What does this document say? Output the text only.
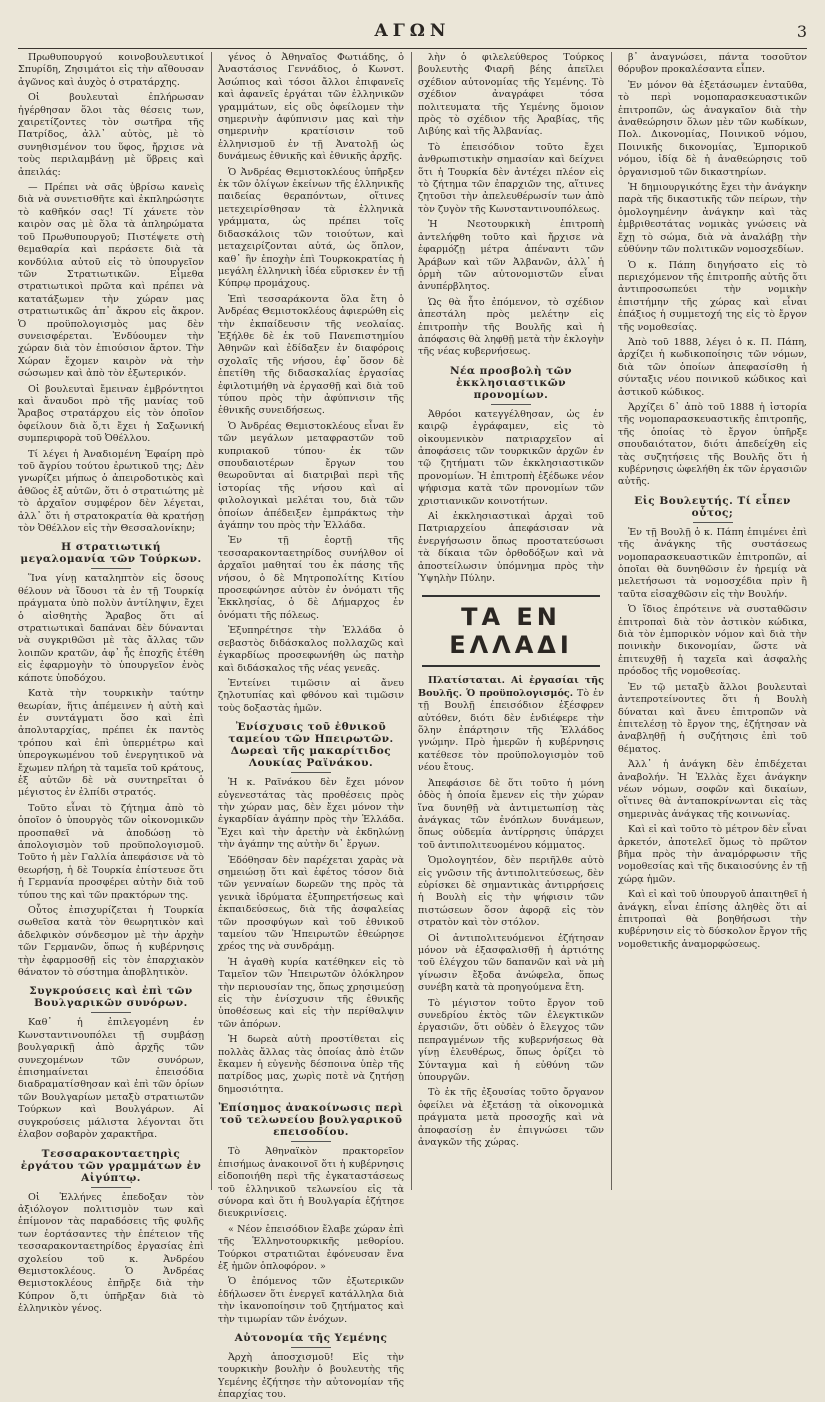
ΑΓΩΝ	3

Πρωθυπουργού κοινοβουλευτικοί Σπυρίδη, Ζησιμάτοι εἰς τὴν αἴθουσαν ἀγῶνος καὶ ἀυχὸς ὁ στρατάρχης.

Οἱ βουλευταὶ ἐπλήρωσαν ἠγέρθησαν ὅλοι τὰς θέσεις των, χαιρετίζοντες τὸν σωτῆρα τῆς Πατρίδος, ἀλλ᾽ αὐτὸς, μὲ τὸ συνηθισμένον του ὕφος, ἤρχισε νὰ τοὺς περιλαμβάνῃ μὲ ὕβρεις καὶ ἀπειλάς:

— Πρέπει νὰ σᾶς ὑβρίσω κανεὶς διὰ νὰ συνετισθῆτε καὶ ἐκπληρώσητε τὸ καθῆκόν σας! Τί χάνετε τὸν καιρὸν σας μὲ ὅλα τὰ ἀπληρώματα τοῦ Πρωθυπουργοῦ; Πιστέψετε στὴ θεμαθαρία καὶ περάσετε διὰ τὰ κονδύλια αὐτοῦ εἰς τὸ ὑπουργεῖον τῶν Στρατιωτικῶν. Εἶμεθα στρατιωτικοὶ πρῶτα καὶ πρέπει νὰ κατατάξωμεν τὴν χώραν μας στρατιωτικῶς ἀπ᾽ ἄκρου εἰς ἄκρον. Ὁ προϋπολογισμὸς μας δὲν συνεισφέρεται. Ἐνδύουμεν τὴν χώραν διὰ τὸν ἐπιούσιον ἄρτον. Τὴν Χώραν ἔχομεν καιρὸν νὰ τὴν σώσωμεν καὶ ἀπὸ τὸν ἐξωτερικόν.

Οἱ βουλευταὶ ἔμειναν ἐμβρόντητοι καὶ ἄναυδοι πρὸ τῆς μανίας τοῦ Ἄραβος στρατάρχου εἰς τὸν ὁποῖον ὀφείλουν διὰ ὅ,τι ἔχει ἡ Σαξωνική συμπεριφορὰ τοῦ Ὀθέλλου.

Τί λέγει ἡ Ἀναδιομένη Ἐφαίρη πρὸ τοῦ ἄγρίου τούτου ἐρωτικοῦ της; Δὲν γνωρίζει μήπως ὁ ἀπειροδοτικὸς καὶ ἀθῶος ἐξ αὐτῶν, ὅτι ὁ στρατιώτης μὲ τὸ ἀρχαῖον συμφέρον δὲν λέγεται, ἀλλ᾽ ὅτι ἡ στρατοκρατία θὰ κρατήσῃ τὸν Ὀθέλλον εἰς τὴν Θεσσαλονίκην;

Η στρατιωτική μεγαλομανία τῶν Τούρκων.

Ἵνα γίνῃ καταληπτὸν εἰς ὅσους θέλουν νὰ ἴδουσι τὰ ἐν τῇ Τουρκίᾳ πράγματα ὑπὸ πολὺν ἀντίληψιν, ἔχει ὁ αἰσθητὴς Ἄραβος ὅτι αἱ στρατιωτικαὶ δαπάναι δὲν δύνανται νὰ συγκριθῶσι μὲ τὰς ἄλλας τῶν λοιπῶν κρατῶν, ἀφ᾽ ἧς ἐποχῆς ἐτέθη εἰς ἐφαρμογὴν τὸ ὑπουργεῖον ἑνὸς κάποτε ὑποδόχου.

Κατὰ τὴν τουρκικὴν ταύτην θεωρίαν, ἥτις ἀπέμεινεν ἡ αὐτὴ καὶ ἐν συντάγματι ὅσο καὶ ἐπὶ ἀπολυταρχίας, πρέπει ἐκ παντὸς τρόπου καὶ ἐπὶ ὑπερμέτρω καὶ ὑπερογκωμένου τοῦ ἐνεργητικοῦ νὰ ἔχωμεν πλήρη τὰ ταμεῖα τοῦ κράτους, ἐξ αὐτῶν δὲ νὰ συντηρεῖται ὁ μέγιστος ἐν ἐλπίδι στρατός.

Τοῦτο εἶναι τὸ ζήτημα ἀπὸ τὸ ὁποῖον ὁ ὑπουργὸς τῶν οἰκονομικῶν προσπαθεῖ νὰ ἀποδώσῃ τὸ ἀπολογισμὸν τοῦ προϋπολογισμοῦ. Τοῦτο ἡ μὲν Γαλλία ἀπεφάσισε νὰ τὸ θεωρήσῃ, ἡ δὲ Τουρκία ἐπίστευσε ὅτι ἡ Γερμανία προσφέρει αὐτὴν διὰ τοῦ τύπου της καὶ τῶν πρακτόρων της.

Οὗτος ἐπισχυρίζεται ἡ Τουρκία σωθεῖσα κατὰ τὸν θεωρητικὸν καὶ ἀδελφικὸν σύνδεσμον μὲ τὴν ἀρχὴν τῶν Γερμανῶν, ὅπως ἡ κυβέρνησις τὴν ἐφαρμοσθῇ εἰς τὸν ἐπαρχιακὸν θάνατον τὸ σύστημα ἀποβλητικὸν.

Συγκρούσεις καὶ ἐπὶ τῶν Βουλγαρικῶν συνόρων.

Καθ᾽ ἡ ἐπιλεγομένη ἐν Κωνσταντινουπόλει τῇ συμβάσῃ βουλγαρικῇ ἀπὸ ἀρχῆς τῶν συνεχομένων τῶν συνόρων, ἐπισημαίνεται ἐπεισόδια διαδραματίσθησαν καὶ ἐπὶ τῶν ὁρίων τῶν Βουλγαρίων μεταξὺ στρατιωτῶν Τούρκων καὶ Βουλγάρων. Αἱ συγκρούσεις μάλιστα λέγονται ὅτι ἐλαβον σοβαρὸν χαρακτῆρα.

Τεσσαρακονταετηρὶς ἐργάτου τῶν γραμμάτων ἐν Αἰγύπτῳ.

Οἱ Ἑλλήνες ἐπεδοξαν τὸν ἀξιόλογον πολιτισμὸν των καὶ ἐπίμονον τὰς παραδόσεις τῆς φυλῆς των ἐορτάσαντες τὴν ἐπέτειον τῆς τεσσαρακονταετηρίδος ἐργασίας ἐπὶ σχολείου τοῦ κ. Ἀνδρέου Θεμιστοκλέους. Ὁ Ἀνδρέας Θεμιστοκλέους ἐπῆρξε διὰ τὴν Κύπρον ὅ,τι ὑπῆρξαν διὰ τὸ ἑλληνικὸν γένος.

γένος ὁ Ἀθηναῖος Φωτιάδης, ὁ Ἀναστάσιος Γεννάδιος, ὁ Κωνστ. Ἀσώπιος καὶ τόσοι ἄλλοι ἐπιφανεῖς καὶ ἀφανεῖς ἐργάται τῶν ἑλληνικῶν γραμμάτων, εἰς οὓς ὀφείλομεν τὴν σημερινὴν ἀφύπνισιν μας καὶ τὴν σημερινὴν κρατίσισιν τοῦ ἑλληνισμοῦ ἐν τῇ Ἀνατολῇ ὡς δυνάμεως ἐθνικῆς καὶ ἐθνικῆς ἀρχῆς.

Ὁ Ἀνδρέας Θεμιστοκλέους ὑπῆρξεν ἐκ τῶν ὀλίγων ἐκείνων τῆς ἑλληνικῆς παιδείας θεραπόντων, οἵτινες μετεχειρίσθησαν τὰ ἑλληνικὰ γράμματα, ὡς πρέπει τοῖς διδασκάλοις τῶν τοιούτων, καὶ μεταχειρίζονται αὐτά, ὡς ὅπλον, καθ᾽ ἣν ἐποχὴν ἐπὶ Τουρκοκρατίας ἡ μεγάλη ἑλληνικὴ ἰδέα εὕρισκεν ἐν τῇ Κύπρῳ προμάχους.

Ἐπὶ τεσσαράκοντα ὅλα ἔτη ὁ Ἀνδρέας Θεμιστοκλέους ἀφιερώθη εἰς τὴν ἐκπαίδευσιν τῆς νεολαίας. Ἐξήλθε δὲ ἐκ τοῦ Πανεπιστημίου Ἀθηνῶν καὶ ἐδίδαξεν ἐν διαφόροις σχολαῖς τῆς νήσου, ἐφ᾽ ὅσον δὲ ἐπετίθη τῆς διδασκαλίας ἐργασίας ἐφιλοτιμήθη νὰ ἐργασθῇ καὶ διὰ τοῦ τύπου πρὸς τὴν ἀφύπνισιν τῆς ἐθνικῆς συνειδήσεως.

Ὁ Ἀνδρέας Θεμιστοκλέους εἶναι ἕν τῶν μεγάλων μεταφραστῶν τοῦ κυπριακοῦ τύπου· ἐκ τῶν σπουδαιοτέρων ἔργων του θεωροῦνται αἱ διατριβαὶ περὶ τῆς ἱστορίας τῆς νήσου καὶ αἱ φιλολογικαὶ μελέται του, διὰ τῶν ὁποίων ἀπέδειξεν ἐμπράκτως τὴν ἀγάπην του πρὸς τὴν Ἑλλάδα.

Ἐν τῇ ἐορτῇ τῆς τεσσαρακονταετηρίδος συνήλθον οἱ ἀρχαῖοι μαθηταί του ἐκ πάσης τῆς νήσου, ὁ δὲ Μητροπολίτης Κιτίου προσεφώνησε αὐτὸν ἐν ὀνόματι τῆς Ἐκκλησίας, ὁ δὲ Δήμαρχος ἐν ὀνόματι τῆς πόλεως.

Ἐξυπηρέτησε τὴν Ἑλλάδα ὁ σεβαστὸς διδάσκαλος πολλαχῶς καὶ ἐγκαρδίως προσεφωνήθη ὡς πατὴρ καὶ διδάσκαλος τῆς νέας γενεᾶς.

Ἐντείνει τιμῶσιν αἱ ἄνευ ζηλοτυπίας καὶ φθόνου καὶ τιμῶσιν τοὺς δοξαστὰς ἡμῶν.

Ἐνίσχυσις τοῦ ἐθνικοῦ ταμείου τῶν Ηπειρωτῶν. Δωρεαὶ τῆς μακαρίτιδος Λουκίας Ραϊνάκου.

Ἡ κ. Ραϊνάκου δὲν ἔχει μόνον εὐγενεστάτας τὰς προθέσεις πρὸς τὴν χώραν μας, δὲν ἔχει μόνον τὴν ἐγκαρδίαν ἀγάπην πρὸς τὴν Ἑλλάδα. Ἔχει καὶ τὴν ἀρετὴν νὰ ἐκδηλώνῃ τὴν ἀγάπην της αὐτὴν δι᾽ ἔργων.

Ἐδόθησαν δὲν παρέχεται χαρὰς νὰ σημειώσῃ ὅτι καὶ ἐφέτος τόσον διὰ τῶν γενναίων δωρεῶν της πρὸς τὰ γενικὰ ἰδρύματα ἐξυπηρετήσεως καὶ ἐκπαιδεύσεως, διὰ τῆς ἀσφαλείας τῶν προσφύγων καὶ τοῦ ἐθνικοῦ ταμείου τῶν Ἠπειρωτῶν ἐθεώρησε χρέος της νὰ συνδράμῃ.

Ἡ ἀγαθὴ κυρία κατέθηκεν εἰς τὸ Ταμεῖον τῶν Ἠπειρωτῶν ὁλόκληρον τὴν περιουσίαν της, ὅπως χρησιμεύσῃ εἰς τὴν ἐνίσχυσιν τῆς ἐθνικῆς ὑποθέσεως καὶ εἰς τὴν περίθαλψιν τῶν ἀπόρων.

Ἡ δωρεὰ αὐτὴ προστίθεται εἰς πολλὰς ἄλλας τὰς ὁποίας ἀπὸ ἐτῶν ἔκαμεν ἡ εὐγενὴς δέσποινα ὑπὲρ τῆς πατρίδος μας, χωρὶς ποτὲ νὰ ζητήσῃ δημοσιότητα.

Ἐπίσημος ἀνακοίνωσις περὶ τοῦ τελωνείου βουλγαρικοῦ επεισοδίου.

Τὸ Ἀθηναϊκὸν πρακτορεῖον ἐπισήμως ἀνακοινοῖ ὅτι ἡ κυβέρνησις εἰδοποιήθη περὶ τῆς ἐγκαταστάσεως τοῦ ἑλληνικοῦ τελωνείου εἰς τὰ σύνορα καὶ ὅτι ἡ Βουλγαρία ἐζήτησε διευκρινίσεις.

« Νέον ἐπεισόδιον ἔλαβε χώραν ἐπὶ τῆς Ἑλληνοτουρκικῆς μεθορίου. Τούρκοι στρατιῶται ἐφόνευσαν ἕνα ἐξ ἡμῶν ὁπλοφόρον. »

Ὁ ἐπόμενος τῶν ἐξωτερικῶν ἐδήλωσεν ὅτι ἐνεργεῖ κατάλληλα διὰ τὴν ἱκανοποίησιν τοῦ ζητήματος καὶ τὴν τιμωρίαν τῶν ἐνόχων.

Αὐτονομία τῆς Υεμένης

Ἀρχὴ ἀποσχισμοῦ! Εἰς τὴν τουρκικὴν βουλὴν ὁ βουλευτὴς τῆς Υεμένης ἐζήτησε τὴν αὐτονομίαν τῆς ἐπαρχίας του.

λὴν ὁ φιλελεύθερος Τούρκος βουλευτὴς Φιαρῆ βέης ἀπεῖλει σχέδιον αὐτονομίας τῆς Υεμένης. Τὸ σχέδιον ἀναγράφει τόσα πολιτευματα τῆς Υεμένης ὅμοιον πρὸς τὸ σχέδιον τῆς Ἀραβίας, τῆς Λιβύης καὶ τῆς Ἀλβανίας.

Τὸ ἐπεισόδιον τοῦτο ἔχει ἀνθρωπιστικὴν σημασίαν καὶ δείχνει ὅτι ἡ Τουρκία δὲν ἀντέχει πλέον εἰς τὸ ζήτημα τῶν ἐπαρχιῶν της, αἵτινες ζητοῦσι τὴν ἀπελευθέρωσίν των ἀπὸ τὸν ζυγὸν τῆς Κωνσταντινουπόλεως.

Ἡ Νεοτουρκικὴ ἐπιτροπὴ ἀντελήφθη τοῦτο καὶ ἤρχισε νὰ ἐφαρμόζῃ μέτρα ἀπέναντι τῶν Ἀράβων καὶ τῶν Ἀλβανῶν, ἀλλ᾽ ἡ ὁρμὴ τῶν αὐτονομιστῶν εἶναι ἀνυπέρβλητος.

Ὡς θὰ ἦτο ἐπόμενον, τὸ σχέδιον ἀπεστάλη πρὸς μελέτην εἰς ἐπιτροπὴν τῆς Βουλῆς καὶ ἡ ἀπόφασις θὰ ληφθῇ μετὰ τὴν ἐκλογὴν τῆς νέας κυβερνήσεως.

Νέα προσβολὴ τῶν ἐκκλησιαστικῶν προνομίων.

Ἀθρόοι κατεγγέλθησαν, ὡς ἐν καιρῷ ἐγράφαμεν, εἰς τὸ οἰκουμενικὸν πατριαρχεῖον αἱ ἀποφάσεις τῶν τουρκικῶν ἀρχῶν ἐν τῷ ζητήματι τῶν ἐκκλησιαστικῶν προνομίων. Ἡ ἐπιτροπὴ ἐξέδωκε νέον ψήφισμα κατὰ τῶν προνομίων τῶν χριστιανικῶν κοινοτήτων.

Αἱ ἐκκλησιαστικαὶ ἀρχαὶ τοῦ Πατριαρχείου ἀπεφάσισαν νὰ ἐνεργήσωσιν ὅπως προστατεύσωσι τὰ δίκαια τῶν ὀρθοδόξων καὶ νὰ ἀποστείλωσιν ὑπόμνημα πρὸς τὴν Ὑψηλὴν Πύλην.

ΤΑ ΕΝ ΕΛΛΑΔΙ

Πλατίσταται. Αἱ ἐργασίαι τῆς Βουλῆς. Ὁ προϋπολογισμός. Τὸ ἐν τῇ Βουλῇ ἐπεισόδιον ἐξέσφρεν αὐτόθεν, διότι δὲν ἐνδιέφερε τὴν ὅλην ἐπάρτησιν τῆς Ἑλλάδος γνώμην. Πρὸ ἡμερῶν ἡ κυβέρνησις κατέθεσε τὸν προϋπολογισμὸν τοῦ νέου ἔτους.

Ἀπεφάσισε δὲ ὅτι τοῦτο ἡ μόνη ὁδὸς ἡ ὁποία ἔμενεν εἰς τὴν χώραν ἵνα δυνηθῇ νὰ ἀντιμετωπίσῃ τὰς ἀνάγκας τῶν ἐνόπλων δυνάμεων, ὅπως οὐδεμία ἀντίρρησις ὑπάρχει τοῦ ἀντιπολιτευομένου κόμματος.

Ὁμολογητέον, δὲν περιῆλθε αὐτὸ εἰς γνῶσιν τῆς ἀντιπολιτεύσεως, δὲν εὑρίσκει δὲ σημαντικὰς ἀντιρρήσεις ἡ Βουλὴ εἰς τὴν ψήφισιν τῶν πιστώσεων ὅσον ἀφορᾷ εἰς τὸν στρατὸν καὶ τὸν στόλον.

Οἱ ἀντιπολιτευόμενοι ἐζήτησαν μόνον νὰ ἐξασφαλισθῇ ἡ ἀρτιότης τοῦ ἐλέγχου τῶν δαπανῶν καὶ νὰ μὴ γίνωσιν ἔξοδα ἀνώφελα, ὅπως συνέβη κατὰ τὰ προηγούμενα ἔτη.

Τὸ μέγιστον τοῦτο ἔργον τοῦ συνεδρίου ἐκτὸς τῶν ἐλεγκτικῶν ἐργασιῶν, ὅτι οὐδὲν ὁ ἔλεγχος τῶν πεπραγμένων τῆς κυβερνήσεως θὰ γίνῃ ἐλευθέρως, ὅπως ὁρίζει τὸ Σύνταγμα καὶ ἡ εὐθύνη τῶν ὑπουργῶν.

Τὸ ἐκ τῆς ἐξουσίας τοῦτο ὄργανον ὀφείλει νὰ ἐξετάσῃ τὰ οἰκονομικὰ πράγματα μετὰ προσοχῆς καὶ νὰ ἀποφασίσῃ ἐν ἐπιγνώσει τῶν ἀναγκῶν τῆς χώρας.

β᾽ ἀναγνώσει, πάντα τοσοῦτον θόρυβον προκαλέσαντα εἶπεν.

Ἐν μόνον θὰ ἐξετάσωμεν ἐνταῦθα, τὸ περὶ νομοπαρασκευαστικῶν ἐπιτροπῶν, ὡς ἀναγκαῖον διὰ τὴν ἀναθεώρησιν ὅλων μὲν τῶν κωδίκων, Πολ. Δικονομίας, Ποινικοῦ νόμου, Ποινικῆς δικονομίας, Ἐμπορικοῦ νόμου, ἰδίᾳ δὲ ἡ ἀναθεώρησις τοῦ ὀργανισμοῦ τῶν δικαστηρίων.

Ἡ δημιουργικότης ἔχει τὴν ἀνάγκην παρὰ τῆς δικαστικῆς τῶν πείρων, τὴν ὁμολογημένην ἀνάγκην καὶ τὰς ἐμβριθεστάτας νομικὰς γνώσεις νὰ ἔχῃ τὸ σώμα, διὰ νὰ ἀναλάβῃ τὴν εὐθύνην τῶν πολιτικῶν νομοσχεδίων.

Ὁ κ. Πάπη διηγήσατο εἰς τὸ περιεχόμενον τῆς ἐπιτροπῆς αὐτῆς ὅτι ἀντιπροσωπεύει τὴν νομικὴν ἐπιστήμην τῆς χώρας καὶ εἶναι ἐπάξιος ἡ συμμετοχή της εἰς τὸ ἔργον τῆς νομοθεσίας.

Ἀπὸ τοῦ 1888, λέγει ὁ κ. Π. Πάπη, ἀρχίζει ἡ κωδικοποίησις τῶν νόμων, διὰ τῶν ὁποίων ἀπεφασίσθη ἡ σύνταξις νέου ποινικοῦ κώδικος καὶ ἀστικοῦ κώδικος.

Ἀρχίζει δ᾽ ἀπὸ τοῦ 1888 ἡ ἱστορία τῆς νομοπαρασκευαστικῆς ἐπιτροπῆς, τῆς ὁποίας τὸ ἔργον ὑπῆρξε σπουδαιότατον, διότι ἀπεδείχθη εἰς τὰς συζητήσεις τῆς Βουλῆς ὅτι ἡ κυβέρνησις ὠφελήθη ἐκ τῶν ἐργασιῶν αὐτῆς.

Εἰς Βουλευτής. Τί εἶπεν οὗτος;

Ἐν τῇ Βουλῇ ὁ κ. Πάπη ἐπιμένει ἐπὶ τῆς ἀνάγκης τῆς συστάσεως νομοπαρασκευαστικῶν ἐπιτροπῶν, αἱ ὁποῖαι θὰ δυνηθῶσιν ἐν ἠρεμίᾳ νὰ μελετήσωσι τὰ νομοσχέδια πρὶν ἢ ταῦτα εἰσαχθῶσιν εἰς τὴν Βουλήν.

Ὁ ἴδιος ἐπρότεινε νὰ συσταθῶσιν ἐπιτροπαὶ διὰ τὸν ἀστικὸν κώδικα, διὰ τὸν ἐμπορικὸν νόμον καὶ διὰ τὴν ποινικὴν δικονομίαν, ὥστε νὰ ἐπιτευχθῇ ἡ ταχεῖα καὶ ἀσφαλὴς πρόοδος τῆς νομοθεσίας.

Ἐν τῷ μεταξὺ ἄλλοι βουλευταὶ ἀντεπροτείνοντες ὅτι ἡ Βουλὴ δύναται καὶ ἄνευ ἐπιτροπῶν νὰ ἐπιτελέσῃ τὸ ἔργον της, ἐζήτησαν νὰ ἀναβληθῇ ἡ συζήτησις ἐπὶ τοῦ θέματος.

Ἀλλ᾽ ἡ ἀνάγκη δὲν ἐπιδέχεται ἀναβολήν. Ἡ Ἑλλὰς ἔχει ἀνάγκην νέων νόμων, σοφῶν καὶ δικαίων, οἵτινες θὰ ἀνταποκρίνωνται εἰς τὰς σημερινὰς ἀνάγκας τῆς κοινωνίας.

Καὶ εἰ καὶ τοῦτο τὸ μέτρον δὲν εἶναι ἀρκετόν, ἀποτελεῖ ὅμως τὸ πρῶτον βῆμα πρὸς τὴν ἀναμόρφωσιν τῆς νομοθεσίας καὶ τῆς δικαιοσύνης ἐν τῇ χώρᾳ ἡμῶν.

Καὶ εἰ καὶ τοῦ ὑπουργοῦ ἀπαιτηθεῖ ἡ ἀνάγκη, εἶναι ἐπίσης ἀληθὲς ὅτι αἱ ἐπιτροπαὶ θὰ βοηθήσωσι τὴν κυβέρνησιν εἰς τὸ δύσκολον ἔργον τῆς νομοθετικῆς ἀναμορφώσεως.
